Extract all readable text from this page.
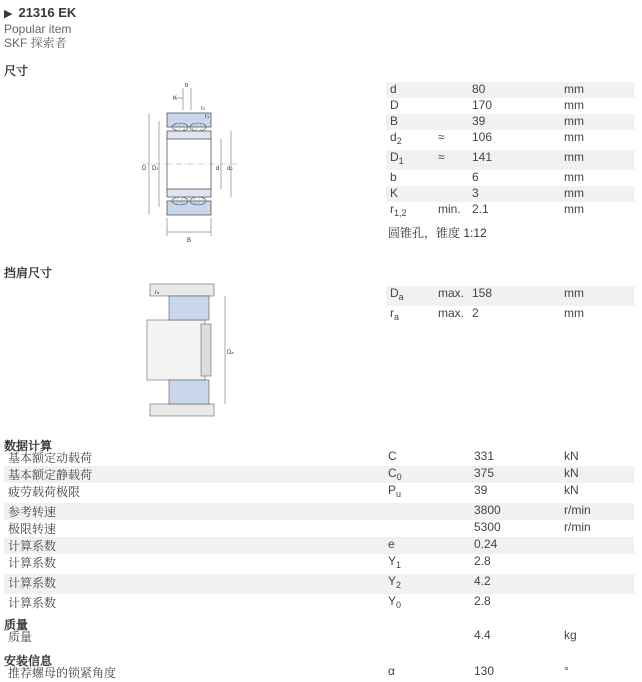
▶ 21316 EK
Popular item
SKF 探索者
尺寸
b
K
r2
r1
D D1	d d2
B
d		80	mm
D		170	mm
B		39	mm
$d_2$	≈	106	mm
$D_1$	≈	141	mm
b		6	mm
K		3	mm
$r_{1,2}$	min.	2.1	mm
圆锥孔，锥度 1:12
挡肩尺寸
ra
Da
$D_a$	max.	158	mm
$r_a$	max.	2	mm
数据计算
基本额定动载荷	C	331	kN
基本额定静载荷	$C_0$	375	kN
疲劳载荷极限	$P_u$	39	kN
参考转速		3800	r/min
极限转速		5300	r/min
计算系数	e	0.24	
计算系数	$Y_1$	2.8	
计算系数	$Y_2$	4.2	
计算系数	$Y_0$	2.8	
质量
质量		4.4	kg
安装信息
推荐螺母的锁紧角度	α	130	°
